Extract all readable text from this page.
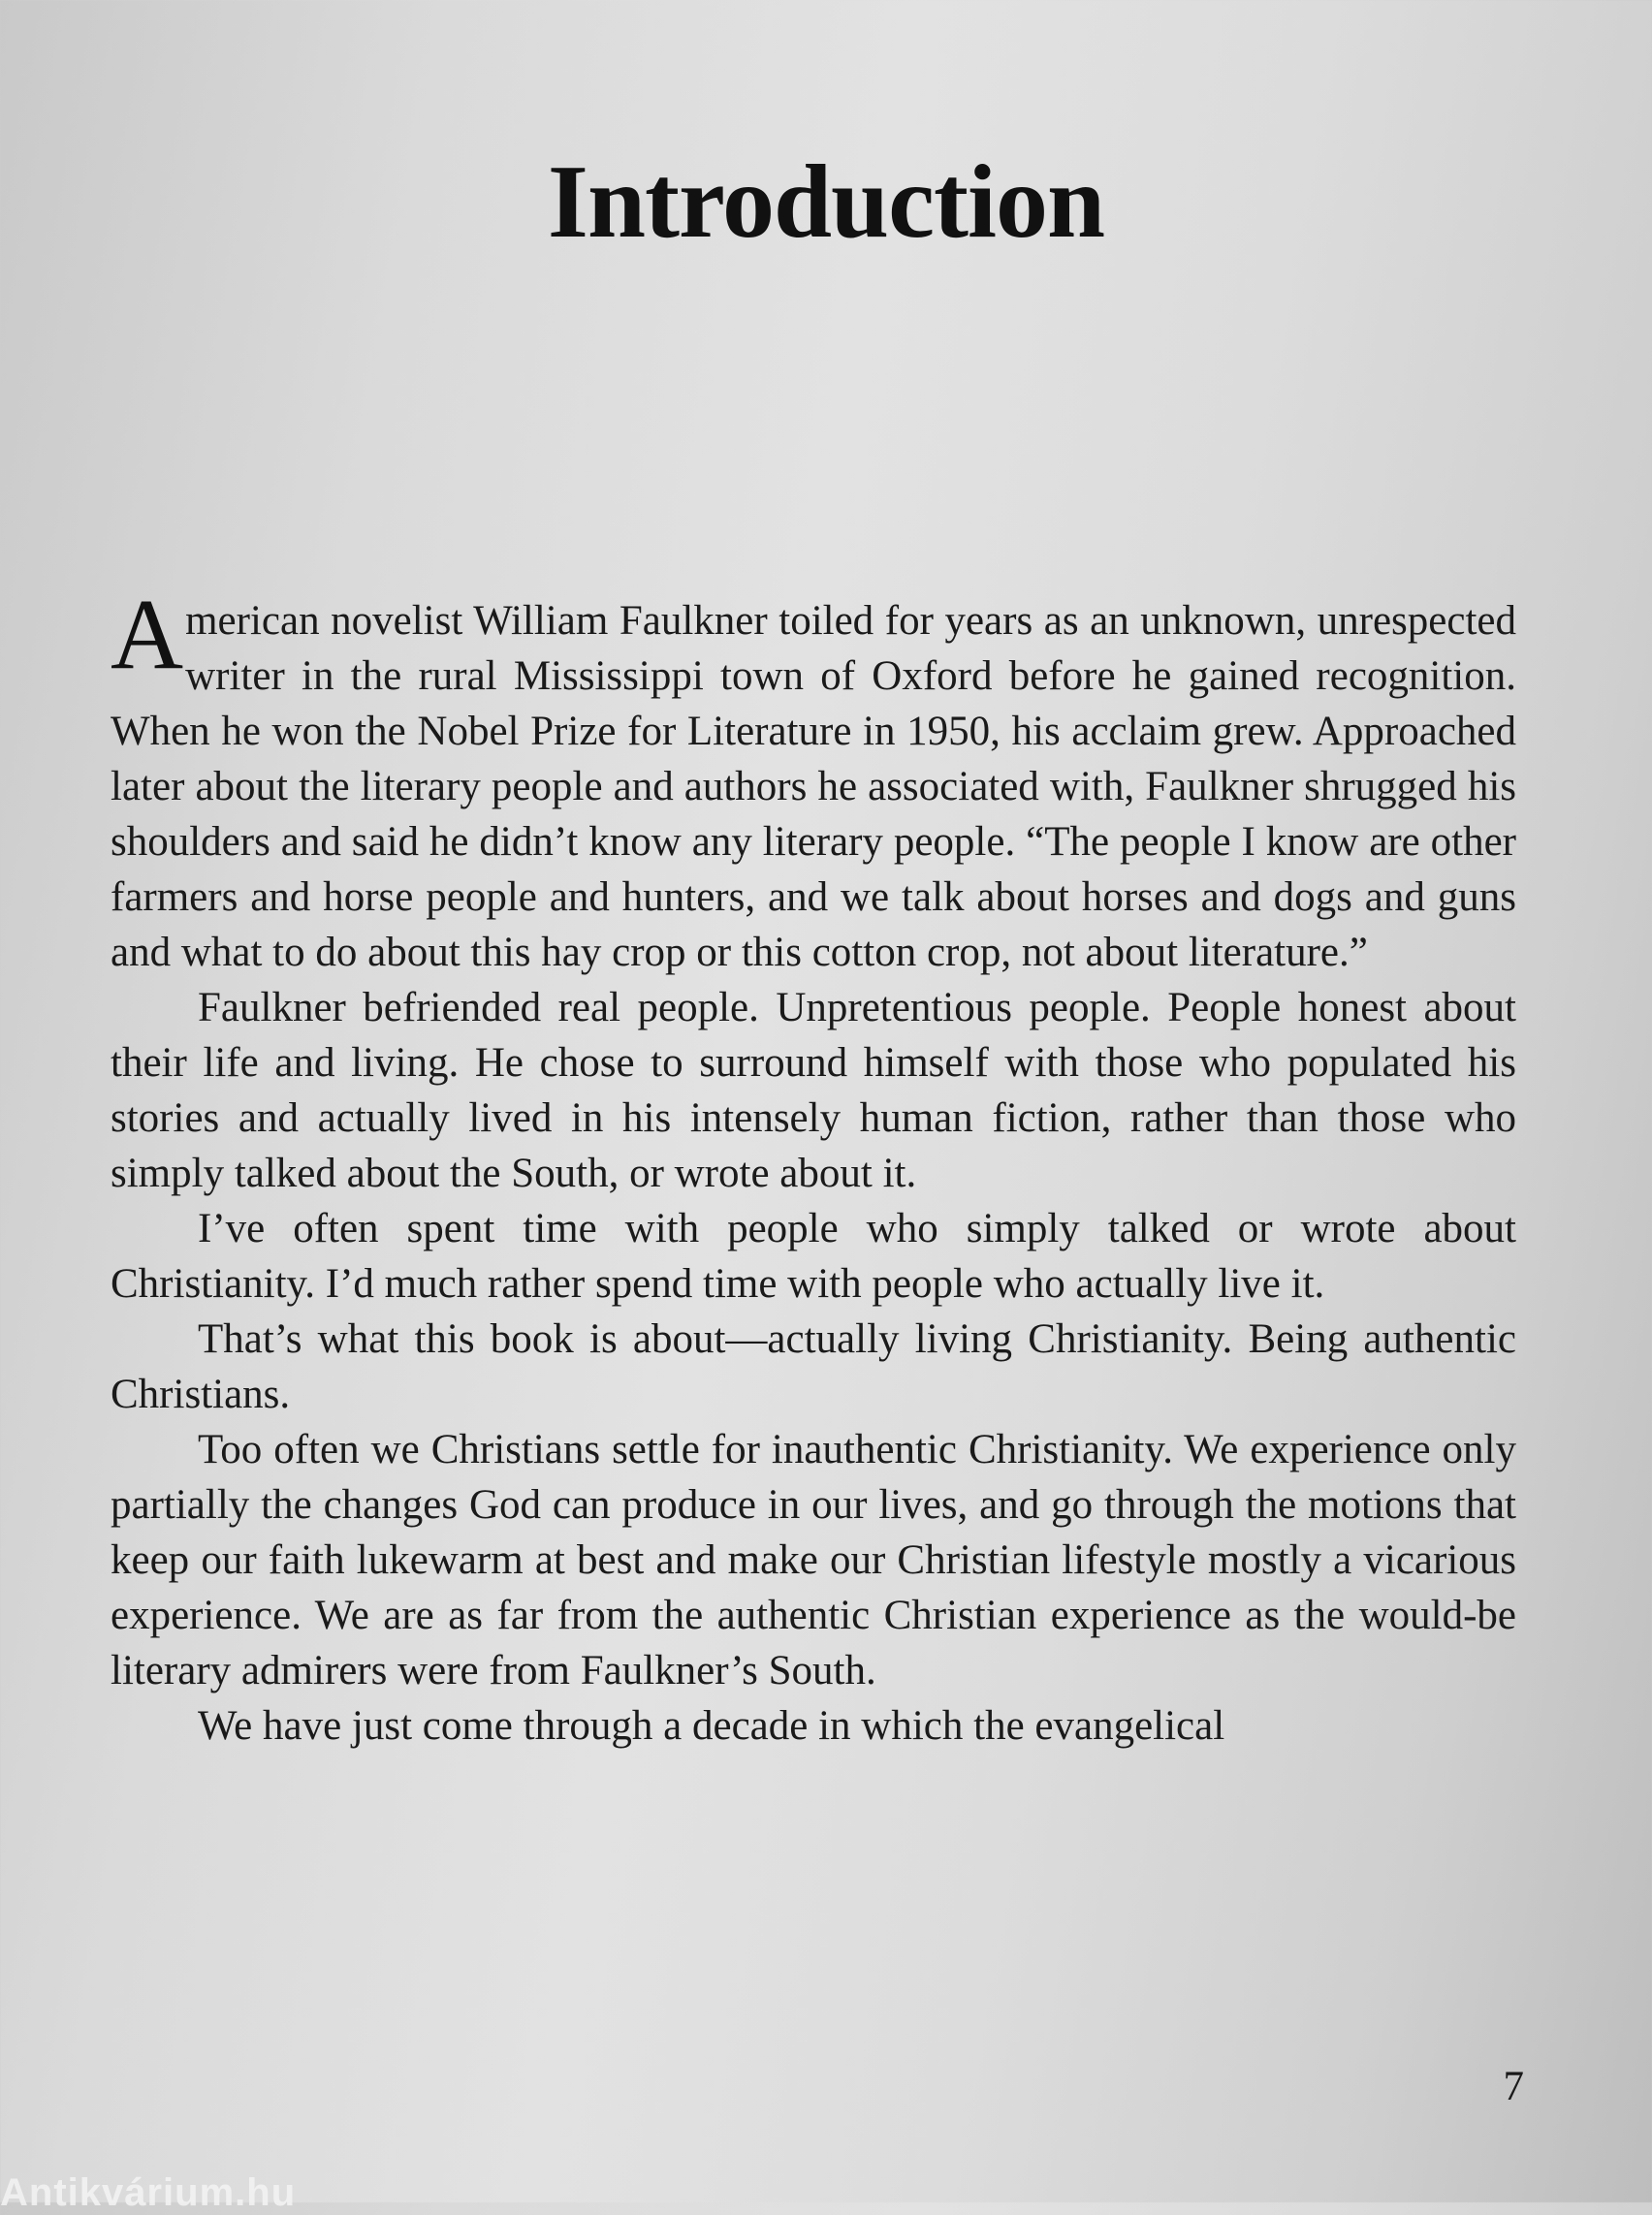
Introduction

American novelist William Faulkner toiled for years as an unknown, unrespected writer in the rural Mississippi town of Oxford before he gained recognition. When he won the Nobel Prize for Literature in 1950, his acclaim grew. Approached later about the literary people and authors he associated with, Faulkner shrugged his shoulders and said he didn’t know any literary people. “The people I know are other farmers and horse people and hunters, and we talk about horses and dogs and guns and what to do about this hay crop or this cotton crop, not about literature.”

Faulkner befriended real people. Unpretentious people. People honest about their life and living. He chose to surround himself with those who populated his stories and actually lived in his intensely human fiction, rather than those who simply talked about the South, or wrote about it.

I’ve often spent time with people who simply talked or wrote about Christianity. I’d much rather spend time with people who actually live it.

That’s what this book is about—actually living Christianity. Being authentic Christians.

Too often we Christians settle for inauthentic Christianity. We experience only partially the changes God can produce in our lives, and go through the motions that keep our faith lukewarm at best and make our Christian lifestyle mostly a vicarious experience. We are as far from the authentic Christian experience as the would-be literary admirers were from Faulkner’s South.

We have just come through a decade in which the evangelical

7
Antikvárium.hu
